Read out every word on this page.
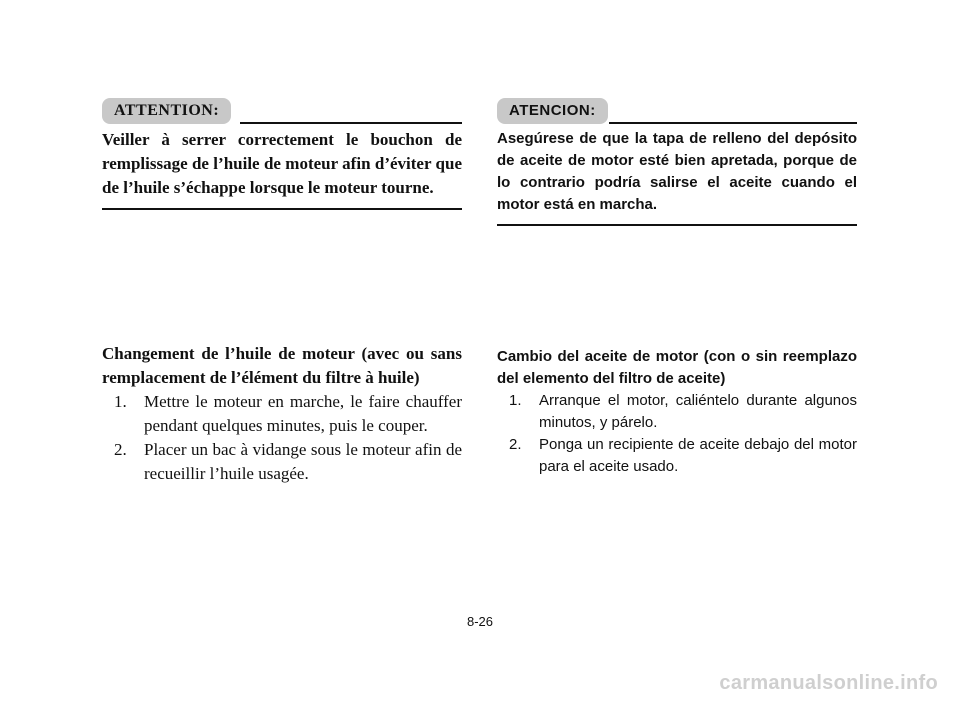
ATTENTION:

Veiller à serrer correctement le bouchon de remplissage de l’huile de moteur afin d’éviter que de l’huile s’échappe lorsque le moteur tourne.

ATENCION:

Asegúrese de que la tapa de relleno del depósito de aceite de motor esté bien apretada, porque de lo contrario podría salirse el aceite cuando el motor está en marcha.

Changement de l’huile de moteur (avec ou sans remplacement de l’élément du filtre à huile)

1. Mettre le moteur en marche, le faire chauffer pendant quelques minutes, puis le couper.
2. Placer un bac à vidange sous le moteur afin de recueillir l’huile usagée.

Cambio del aceite de motor (con o sin reemplazo del elemento del filtro de aceite)

1. Arranque el motor, caliéntelo durante algunos minutos, y párelo.
2. Ponga un recipiente de aceite debajo del motor para el aceite usado.
8-26
carmanualsonline.info
